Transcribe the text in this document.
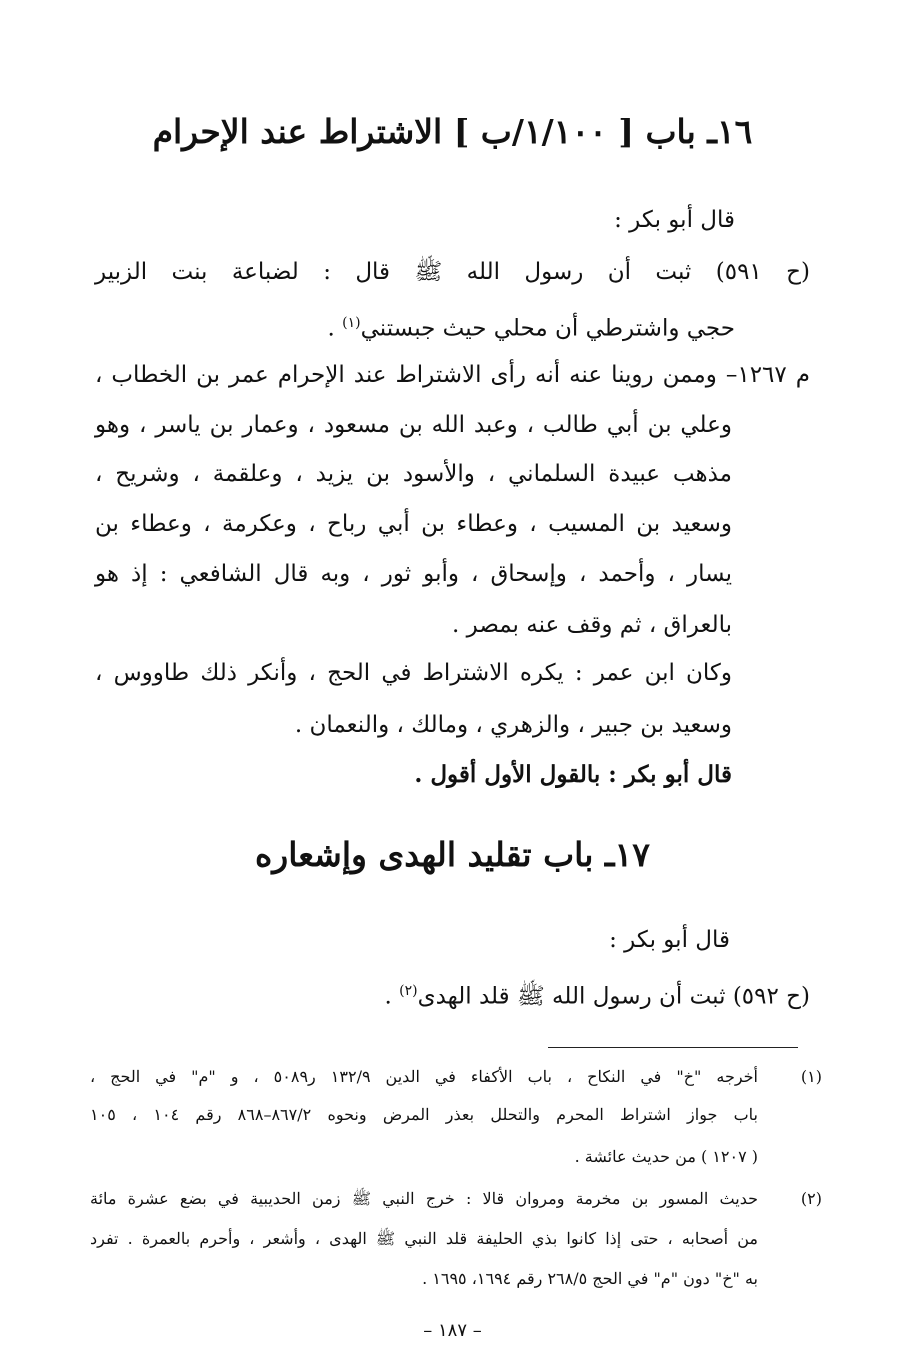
١٦ـ باب [ ١/١٠٠/ب ] الاشتراط عند الإحرام
قال أبو بكر :
(ح ٥٩١) ثبت أن رسول الله ﷺ قال : لضباعة بنت الزبير
حجي واشترطي أن محلي حيث جبستني$^{(١)}$ .
م ١٢٦٧– وممن روينا عنه أنه رأى الاشتراط عند الإحرام عمر بن الخطاب ،
وعلي بن أبي طالب ، وعبد الله بن مسعود ، وعمار بن ياسر ، وهو
مذهب عبيدة السلماني ، والأسود بن يزيد ، وعلقمة ، وشريح ،
وسعيد بن المسيب ، وعطاء بن أبي رباح ، وعكرمة ، وعطاء بن
يسار ، وأحمد ، وإسحاق ، وأبو ثور ، وبه قال الشافعي : إذ هو
بالعراق ، ثم وقف عنه بمصر .
وكان ابن عمر : يكره الاشتراط في الحج ، وأنكر ذلك طاووس ،
وسعيد بن جبير ، والزهري ، ومالك ، والنعمان .
قال أبو بكر : بالقول الأول أقول .
١٧ـ باب تقليد الهدى وإشعاره
قال أبو بكر :
(ح ٥٩٢) ثبت أن رسول الله ﷺ قلد الهدى$^{(٢)}$ .
(١)
أخرجه "خ" في النكاح ، باب الأكفاء في الدين ١٣٢/٩ ر٥٠٨٩ ، و "م" في الحج ،
باب جواز اشتراط المحرم والتحلل بعذر المرض ونحوه ٨٦٧/٢–٨٦٨ رقم ١٠٤ ، ١٠٥
( ١٢٠٧ ) من حديث عائشة .
(٢)
حديث المسور بن مخرمة ومروان قالا : خرج النبي ﷺ زمن الحديبية في بضع عشرة مائة
من أصحابه ، حتى إذا كانوا بذي الحليفة قلد النبي ﷺ الهدى ، وأشعر ، وأحرم بالعمرة . تفرد
به "خ" دون "م" في الحج ٢٦٨/٥ رقم ١٦٩٤، ١٦٩٥ .
– ١٨٧ –
